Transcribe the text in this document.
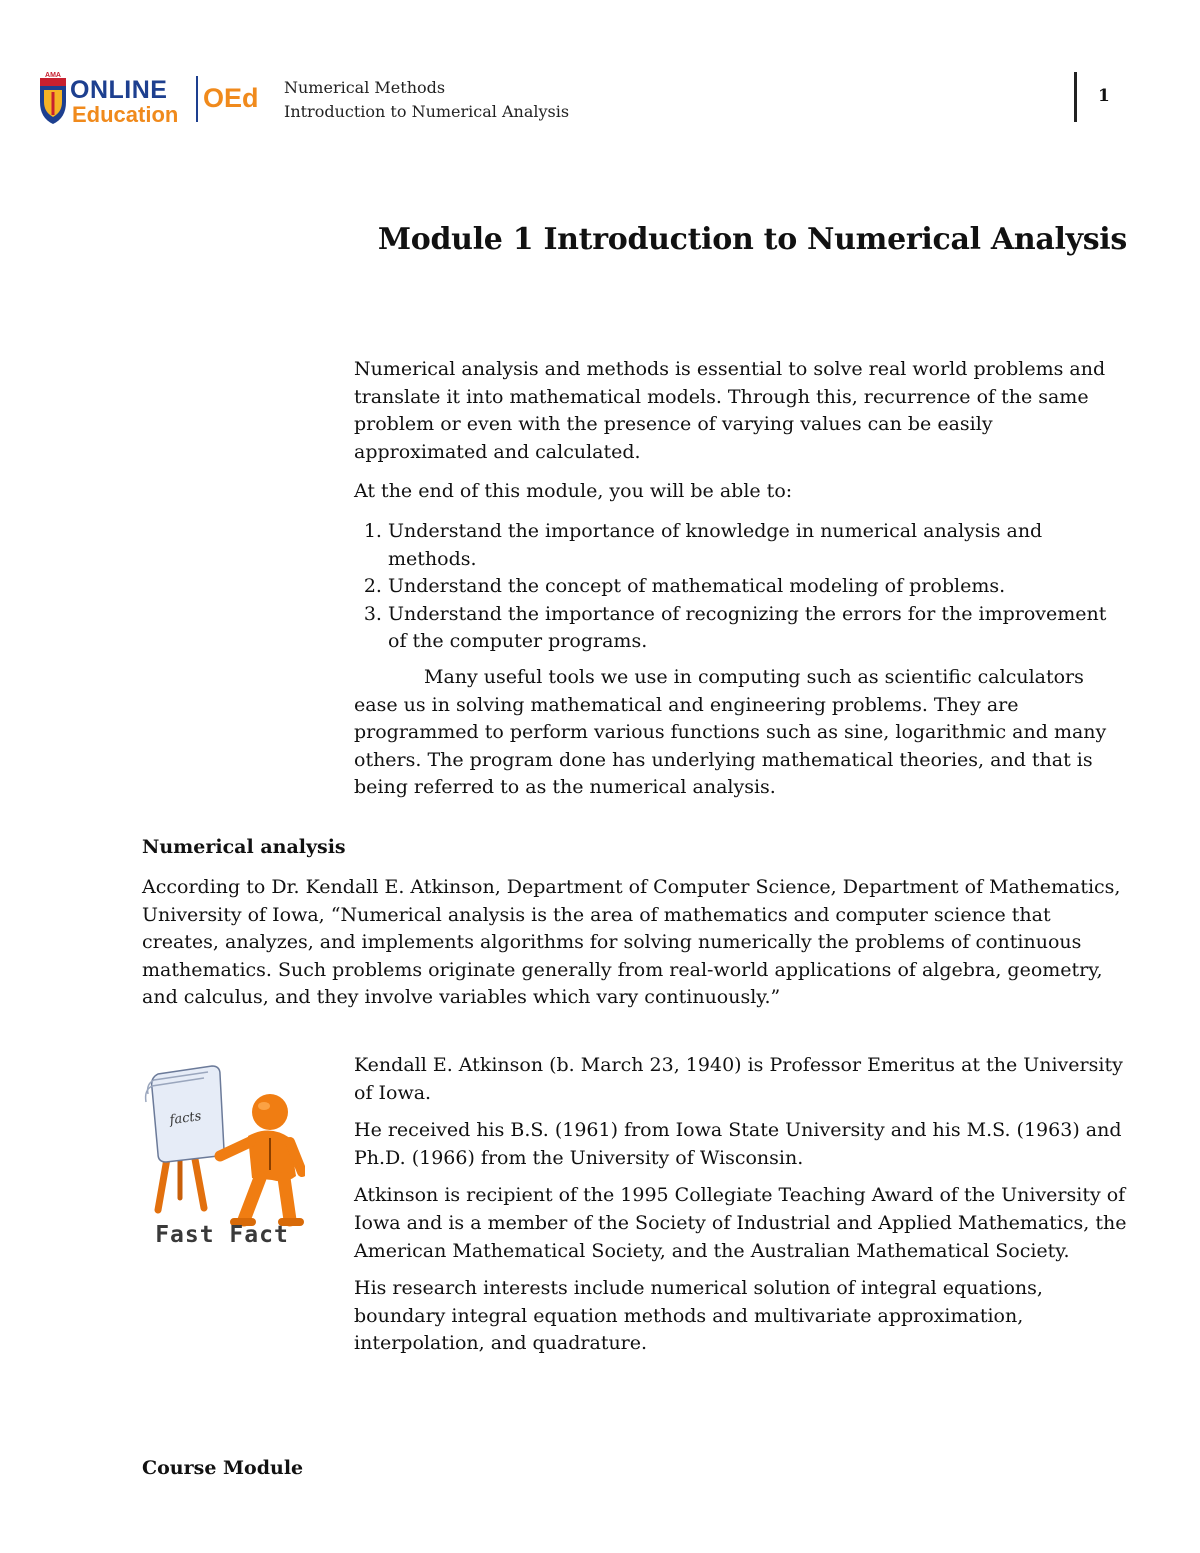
AMA
ONLINE
Education
OEd Numerical Methods
Introduction to Numerical Analysis
1
Module 1 Introduction to Numerical Analysis

Numerical analysis and methods is essential to solve real world problems and translate it into mathematical models. Through this, recurrence of the same problem or even with the presence of varying values can be easily approximated and calculated.

At the end of this module, you will be able to:

1. Understand the importance of knowledge in numerical analysis and methods.
2. Understand the concept of mathematical modeling of problems.
3. Understand the importance of recognizing the errors for the improvement of the computer programs.

Many useful tools we use in computing such as scientific calculators ease us in solving mathematical and engineering problems. They are programmed to perform various functions such as sine, logarithmic and many others. The program done has underlying mathematical theories, and that is being referred to as the numerical analysis.

Numerical analysis

According to Dr. Kendall E. Atkinson, Department of Computer Science, Department of Mathematics, University of Iowa, “Numerical analysis is the area of mathematics and computer science that creates, analyzes, and implements algorithms for solving numerically the problems of continuous mathematics. Such problems originate generally from real-world applications of algebra, geometry, and calculus, and they involve variables which vary continuously.”

facts
Fast Fact

Kendall E. Atkinson (b. March 23, 1940) is Professor Emeritus at the University of Iowa.

He received his B.S. (1961) from Iowa State University and his M.S. (1963) and Ph.D. (1966) from the University of Wisconsin.

Atkinson is recipient of the 1995 Collegiate Teaching Award of the University of Iowa and is a member of the Society of Industrial and Applied Mathematics, the American Mathematical Society, and the Australian Mathematical Society.

His research interests include numerical solution of integral equations, boundary integral equation methods and multivariate approximation, interpolation, and quadrature.

Course Module
